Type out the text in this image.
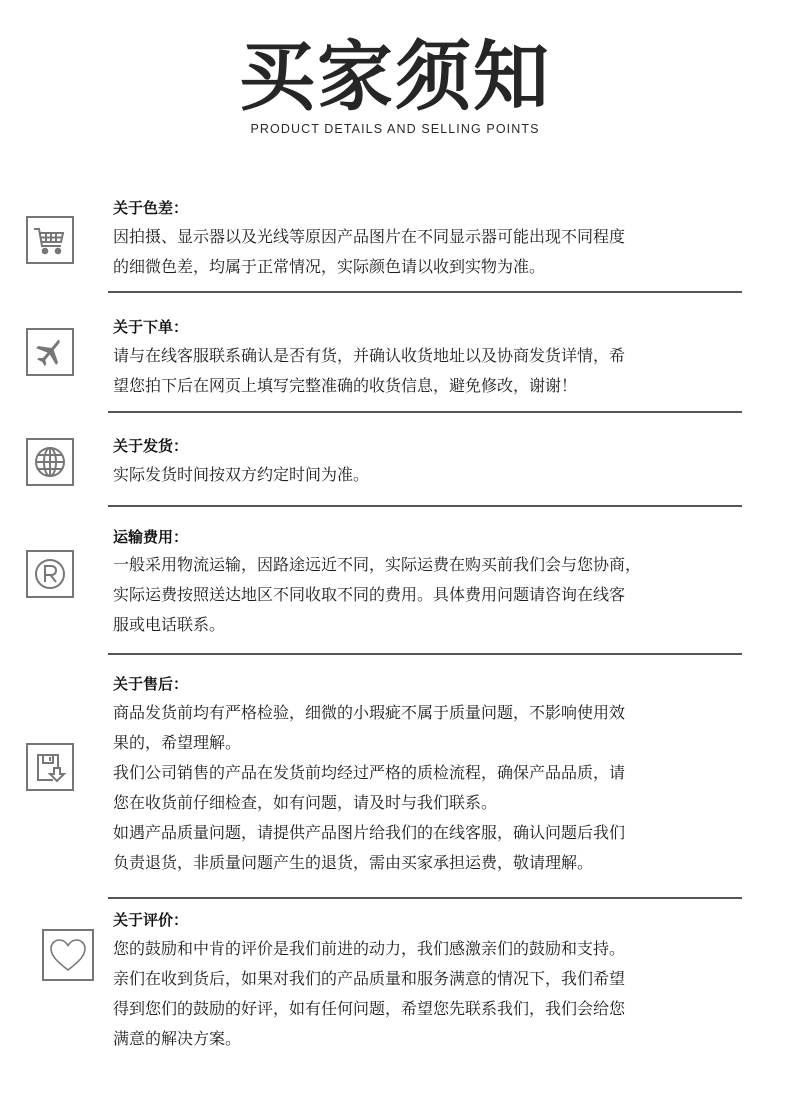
买家须知
PRODUCT DETAILS AND SELLING POINTS
关于色差：

因拍摄、显示器以及光线等原因产品图片在不同显示器可能出现不同程度

的细微色差，均属于正常情况，实际颜色请以收到实物为准。

关于下单：

请与在线客服联系确认是否有货，并确认收货地址以及协商发货详情，希

望您拍下后在网页上填写完整准确的收货信息，避免修改，谢谢！

关于发货：

实际发货时间按双方约定时间为准。

运输费用：

一般采用物流运输，因路途远近不同，实际运费在购买前我们会与您协商，

实际运费按照送达地区不同收取不同的费用。具体费用问题请咨询在线客

服或电话联系。

关于售后：

商品发货前均有严格检验，细微的小瑕疵不属于质量问题，不影响使用效

果的，希望理解。

我们公司销售的产品在发货前均经过严格的质检流程，确保产品品质，请

您在收货前仔细检查，如有问题，请及时与我们联系。

如遇产品质量问题，请提供产品图片给我们的在线客服，确认问题后我们

负责退货，非质量问题产生的退货，需由买家承担运费，敬请理解。

关于评价：

您的鼓励和中肯的评价是我们前进的动力，我们感激亲们的鼓励和支持。

亲们在收到货后，如果对我们的产品质量和服务满意的情况下，我们希望

得到您们的鼓励的好评，如有任何问题，希望您先联系我们，我们会给您

满意的解决方案。
